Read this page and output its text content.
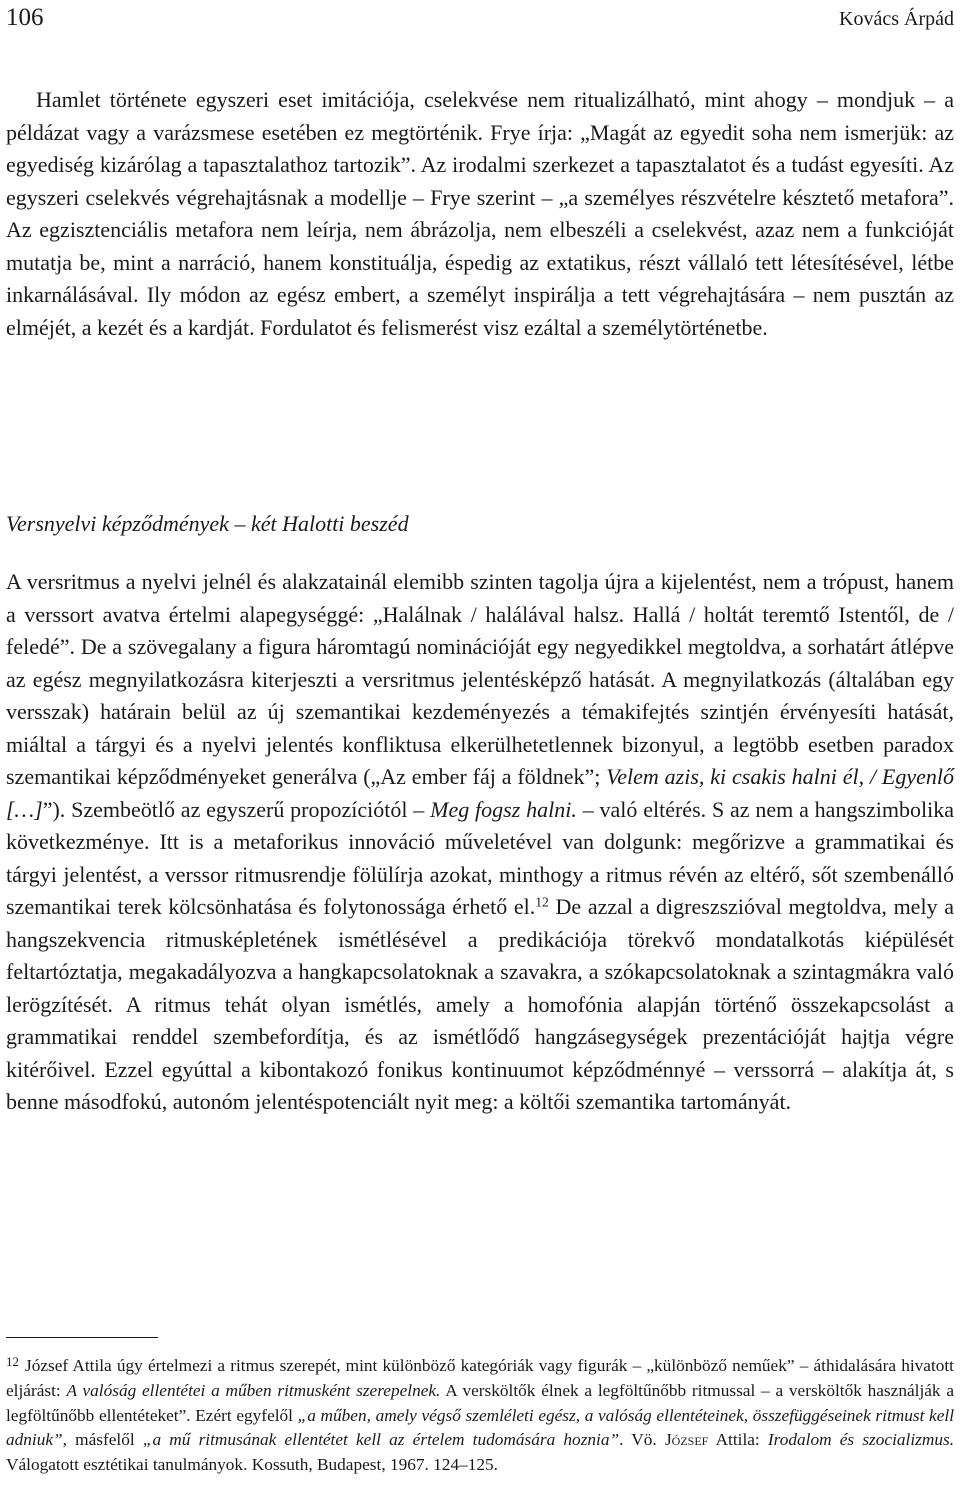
106	Kovács Árpád

Hamlet története egyszeri eset imitációja, cselekvése nem ritualizálható, mint ahogy – mondjuk – a példázat vagy a varázsmese esetében ez megtörténik. Frye írja: „Magát az egyedit soha nem ismerjük: az egyediség kizárólag a tapasztalathoz tartozik”. Az irodalmi szerkezet a tapasztalatot és a tudást egyesíti. Az egyszeri cselekvés végrehajtásnak a modellje – Frye szerint – „a személyes részvételre késztető metafora”. Az egzisztenciális metafora nem leírja, nem ábrázolja, nem elbeszéli a cselekvést, azaz nem a funkcióját mutatja be, mint a narráció, hanem konstituálja, éspedig az extatikus, részt vállaló tett létesítésével, létbe inkarnálásával. Ily módon az egész embert, a személyt inspirálja a tett végrehajtására – nem pusztán az elméjét, a kezét és a kardját. Fordulatot és felismerést visz ezáltal a személytörténetbe.

Versnyelvi képződmények – két Halotti beszéd

A versritmus a nyelvi jelnél és alakzatainál elemibb szinten tagolja újra a kijelentést, nem a trópust, hanem a verssort avatva értelmi alapegységgé: „Halálnak / halálával halsz. Hallá / holtát teremtő Istentől, de / feledé”. De a szövegalany a figura háromtagú nominációját egy negyedikkel megtoldva, a sorhatárt átlépve az egész megnyilatkozásra kiterjeszti a versritmus jelentésképző hatását. A megnyilatkozás (általában egy versszak) határain belül az új szemantikai kezdeményezés a témakifejtés szintjén érvényesíti hatását, miáltal a tárgyi és a nyelvi jelentés konfliktusa elkerülhetetlennek bizonyul, a legtöbb esetben paradox szemantikai képződményeket generálva („Az ember fáj a földnek”; Velem azis, ki csakis halni él, / Egyenlő […]”). Szembeötlő az egyszerű propozíciótól – Meg fogsz halni. – való eltérés. S az nem a hangszimbolika következménye. Itt is a metaforikus innováció műveletével van dolgunk: megőrizve a grammatikai és tárgyi jelentést, a verssor ritmusrendje fölülírja azokat, minthogy a ritmus révén az eltérő, sőt szembenálló szemantikai terek kölcsönhatása és folytonossága érhető el.$^{12}$ De azzal a digreszszióval megtoldva, mely a hangszekvencia ritmusképletének ismétlésével a predikációja törekvő mondatalkotás kiépülését feltartóztatja, megakadályozva a hangkapcsolatoknak a szavakra, a szókapcsolatoknak a szintagmákra való lerögzítését. A ritmus tehát olyan ismétlés, amely a homofónia alapján történő összekapcsolást a grammatikai renddel szembefordítja, és az ismétlődő hangzásegységek prezentációját hajtja végre kitérőivel. Ezzel egyúttal a kibontakozó fonikus kontinuumot képződménnyé – verssorrá – alakítja át, s benne másodfokú, autonóm jelentéspotenciált nyit meg: a költői szemantika tartományát.

$^{12}$ József Attila úgy értelmezi a ritmus szerepét, mint különböző kategóriák vagy figurák – „különböző neműek” – áthidalására hivatott eljárást: A valóság ellentétei a műben ritmusként szerepelnek. A versköltők élnek a legföltűnőbb ritmussal – a versköltők használják a legföltűnőbb ellentéteket”. Ezért egyfelől „a műben, amely végső szemléleti egész, a valóság ellentéteinek, összefüggéseinek ritmust kell adniuk”, másfelől „a mű ritmusának ellentétet kell az értelem tudomására hoznia”. Vö. József Attila: Irodalom és szocializmus. Válogatott esztétikai tanulmányok. Kossuth, Budapest, 1967. 124–125.
